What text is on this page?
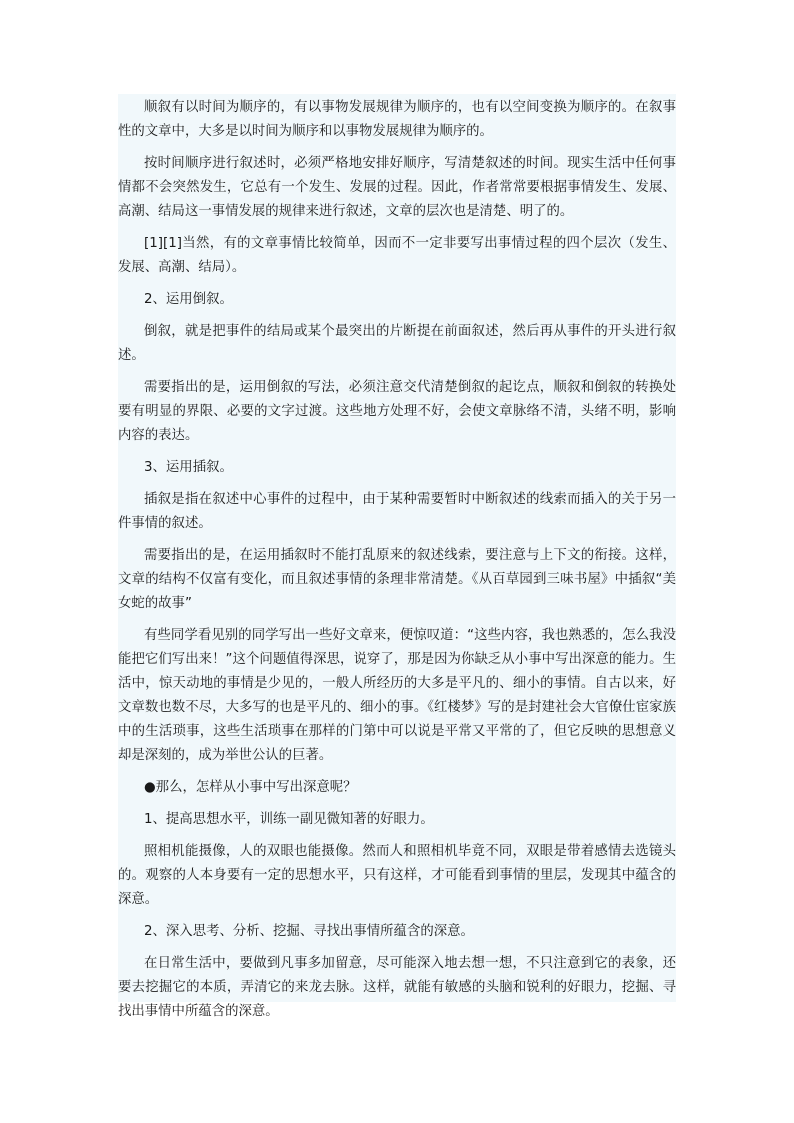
顺叙有以时间为顺序的，有以事物发展规律为顺序的，也有以空间变换为顺序的。在叙事性的文章中，大多是以时间为顺序和以事物发展规律为顺序的。

按时间顺序进行叙述时，必须严格地安排好顺序，写清楚叙述的时间。现实生活中任何事情都不会突然发生，它总有一个发生、发展的过程。因此，作者常常要根据事情发生、发展、高潮、结局这一事情发展的规律来进行叙述，文章的层次也是清楚、明了的。

[1][1]当然，有的文章事情比较简单，因而不一定非要写出事情过程的四个层次（发生、发展、高潮、结局）。

2、运用倒叙。

倒叙，就是把事件的结局或某个最突出的片断提在前面叙述，然后再从事件的开头进行叙述。

需要指出的是，运用倒叙的写法，必须注意交代清楚倒叙的起讫点，顺叙和倒叙的转换处要有明显的界限、必要的文字过渡。这些地方处理不好，会使文章脉络不清，头绪不明，影响内容的表达。

3、运用插叙。

插叙是指在叙述中心事件的过程中，由于某种需要暂时中断叙述的线索而插入的关于另一件事情的叙述。

需要指出的是，在运用插叙时不能打乱原来的叙述线索，要注意与上下文的衔接。这样，文章的结构不仅富有变化，而且叙述事情的条理非常清楚。《从百草园到三味书屋》中插叙“美女蛇的故事”

有些同学看见别的同学写出一些好文章来，便惊叹道：“这些内容，我也熟悉的，怎么我没能把它们写出来！”这个问题值得深思，说穿了，那是因为你缺乏从小事中写出深意的能力。生活中，惊天动地的事情是少见的，一般人所经历的大多是平凡的、细小的事情。自古以来，好文章数也数不尽，大多写的也是平凡的、细小的事。《红楼梦》写的是封建社会大官僚仕宦家族中的生活琐事，这些生活琐事在那样的门第中可以说是平常又平常的了，但它反映的思想意义却是深刻的，成为举世公认的巨著。

●那么，怎样从小事中写出深意呢？

1、提高思想水平，训练一副见微知著的好眼力。

照相机能摄像，人的双眼也能摄像。然而人和照相机毕竟不同，双眼是带着感情去选镜头的。观察的人本身要有一定的思想水平，只有这样，才可能看到事情的里层，发现其中蕴含的深意。

2、深入思考、分析、挖掘、寻找出事情所蕴含的深意。

在日常生活中，要做到凡事多加留意，尽可能深入地去想一想，不只注意到它的表象，还要去挖掘它的本质，弄清它的来龙去脉。这样，就能有敏感的头脑和锐利的好眼力，挖掘、寻找出事情中所蕴含的深意。
